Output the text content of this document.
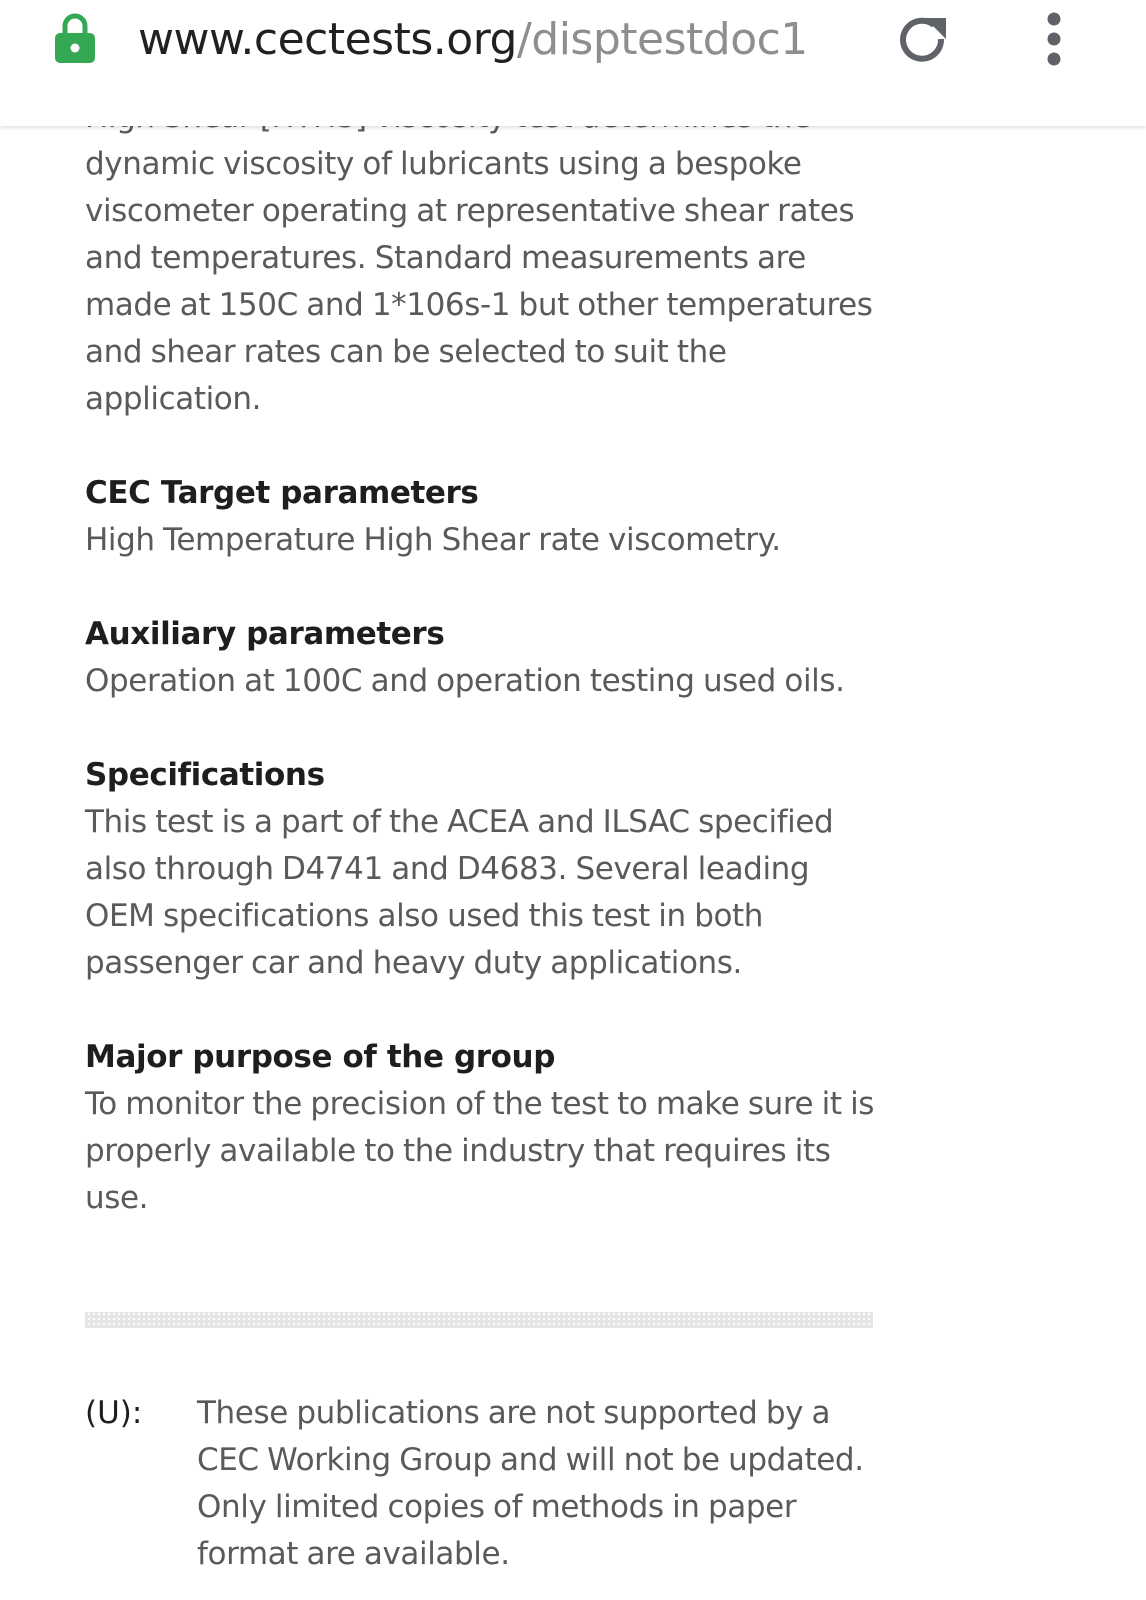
www.cectests.org/disptestdoc1

dynamic viscosity of lubricants using a bespoke viscometer operating at representative shear rates and temperatures. Standard measurements are made at 150C and 1*106s-1 but other temperatures and shear rates can be selected to suit the application.

CEC Target parameters

High Temperature High Shear rate viscometry.

Auxiliary parameters

Operation at 100C and operation testing used oils.

Specifications

This test is a part of the ACEA and ILSAC specified also through D4741 and D4683. Several leading OEM specifications also used this test in both passenger car and heavy duty applications.

Major purpose of the group

To monitor the precision of the test to make sure it is properly available to the industry that requires its use.

(U): These publications are not supported by a CEC Working Group and will not be updated. Only limited copies of methods in paper format are available.
